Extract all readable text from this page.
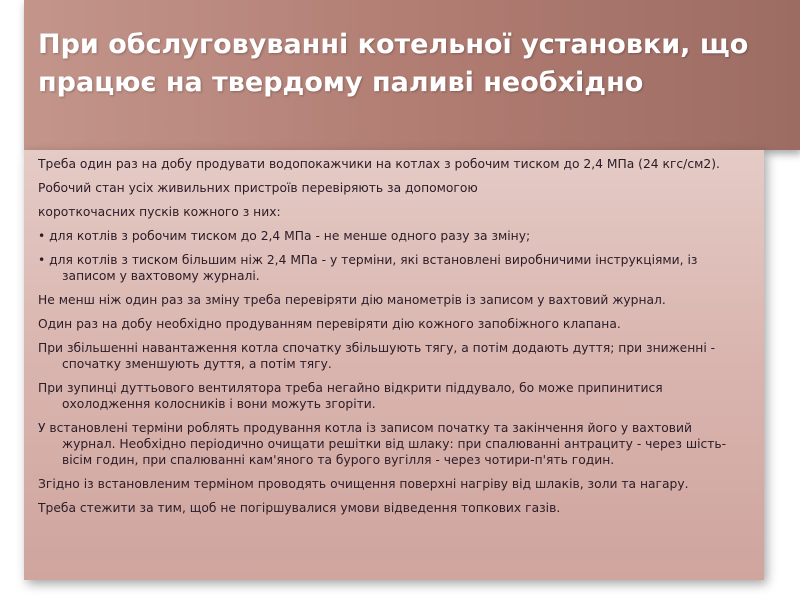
При обслуговуванні котельної установки, що працює на твердому паливі необхідно

Треба один раз на добу продувати водопокажчики на котлах з робочим тиском до 2,4 МПа (24 кгс/см2).

Робочий стан усіх живильних пристроїв перевіряють за допомогою

короткочасних пусків кожного з них:

• для котлів з робочим тиском до 2,4 МПа - не менше одного разу за зміну;

• для котлів з тиском більшим ніж 2,4 МПа - у терміни, які встановлені виробничими інструкціями, із записом у вахтовому журналі.

Не менш ніж один раз за зміну треба перевіряти дію манометрів із записом у вахтовий журнал.

Один раз на добу необхідно продуванням перевіряти дію кожного запобіжного клапана.

При збільшенні навантаження котла спочатку збільшують тягу, а потім додають дуття; при зниженні - спочатку зменшують дуття, а потім тягу.

При зупинці дуттьового вентилятора треба негайно відкрити піддувало, бо може припинитися охолодження колосників і вони можуть згоріти.

У встановлені терміни роблять продування котла із записом початку та закінчення його у вахтовий журнал. Необхідно періодично очищати решітки від шлаку: при спалюванні антрациту - через шість-вісім годин, при спалюванні кам'яного та бурого вугілля - через чотири-п'ять годин.

Згідно із встановленим терміном проводять очищення поверхні нагріву від шлаків, золи та нагару.

Треба стежити за тим, щоб не погіршувалися умови відведення топкових газів.
